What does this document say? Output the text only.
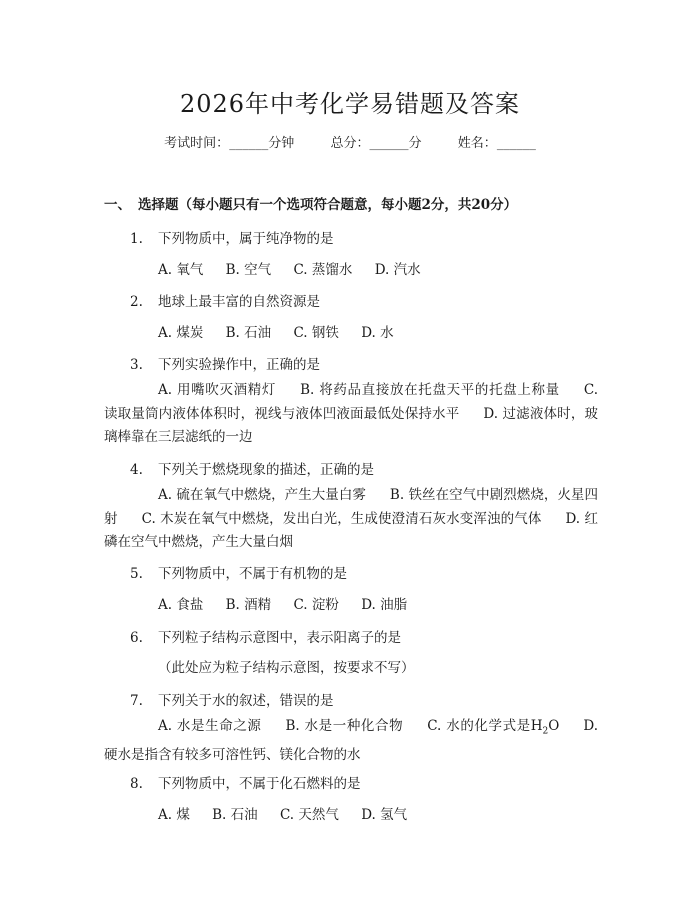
2026年中考化学易错题及答案
考试时间：______分钟	总分：______分	姓名：______
一、 选择题（每小题只有一个选项符合题意，每小题2分，共20分）
1. 下列物质中，属于纯净物的是
A. 氧气 B. 空气 C. 蒸馏水 D. 汽水
2. 地球上最丰富的自然资源是
A. 煤炭 B. 石油 C. 钢铁 D. 水
3. 下列实验操作中，正确的是
A. 用嘴吹灭酒精灯 B. 将药品直接放在托盘天平的托盘上称量 C. 读取量筒内液体体积时，视线与液体凹液面最低处保持水平 D. 过滤液体时，玻璃棒靠在三层滤纸的一边
4. 下列关于燃烧现象的描述，正确的是
A. 硫在氧气中燃烧，产生大量白雾 B. 铁丝在空气中剧烈燃烧，火星四射 C. 木炭在氧气中燃烧，发出白光，生成使澄清石灰水变浑浊的气体 D. 红磷在空气中燃烧，产生大量白烟
5. 下列物质中，不属于有机物的是
A. 食盐 B. 酒精 C. 淀粉 D. 油脂
6. 下列粒子结构示意图中，表示阳离子的是
（此处应为粒子结构示意图，按要求不写）
7. 下列关于水的叙述，错误的是
A. 水是生命之源 B. 水是一种化合物 C. 水的化学式是$H_2O$ D. 硬水是指含有较多可溶性钙、镁化合物的水
8. 下列物质中，不属于化石燃料的是
A. 煤 B. 石油 C. 天然气 D. 氢气
